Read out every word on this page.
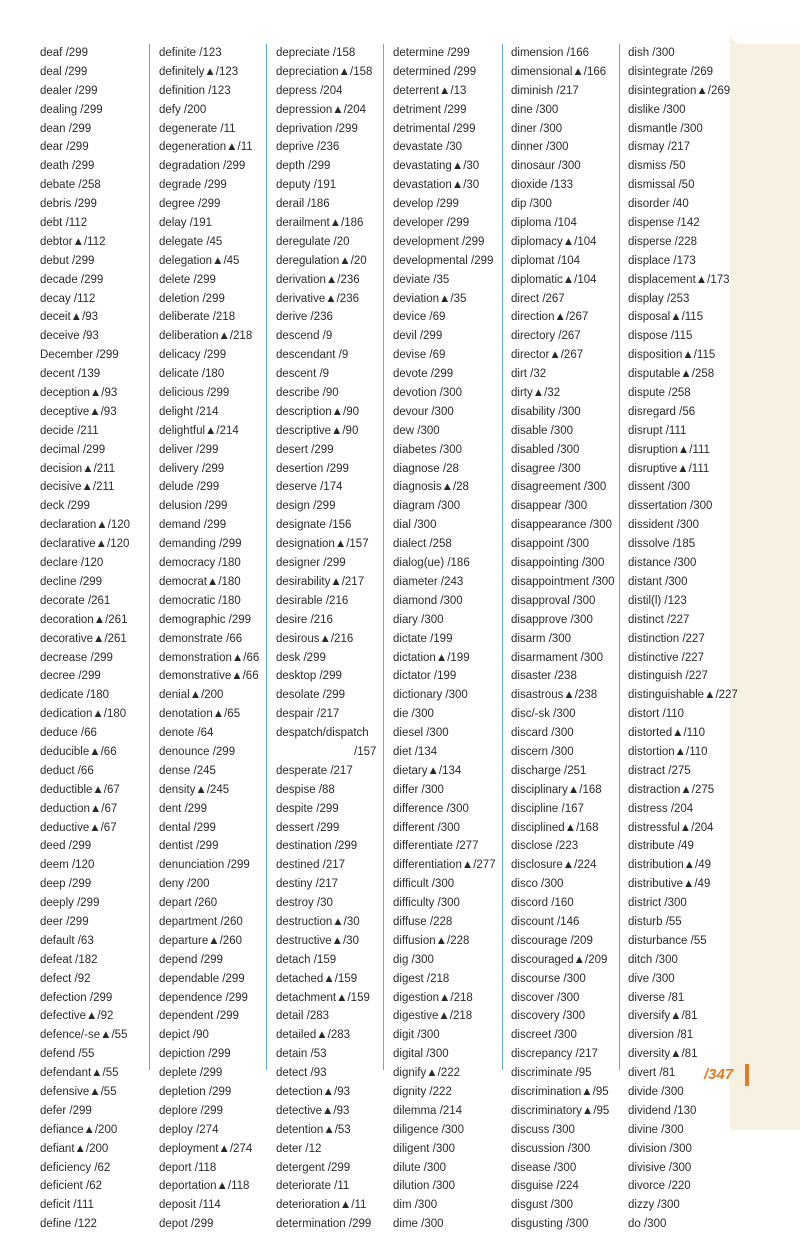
deaf /299
deal /299
dealer /299
dealing /299
dean /299
dear /299
death /299
debate /258
debris /299
debt /112
debtor▲/112
debut /299
decade /299
decay /112
deceit▲/93
deceive /93
December /299
decent /139
deception▲/93
deceptive▲/93
decide /211
decimal /299
decision▲/211
decisive▲/211
deck /299
declaration▲/120
declarative▲/120
declare /120
decline /299
decorate /261
decoration▲/261
decorative▲/261
decrease /299
decree /299
dedicate /180
dedication▲/180
deduce /66
deducible▲/66
deduct /66
deductible▲/67
deduction▲/67
deductive▲/67
deed /299
deem /120
deep /299
deeply /299
deer /299
default /63
defeat /182
defect /92
defection /299
defective▲/92
defence/-se▲/55
defend /55
defendant▲/55
defensive▲/55
defer /299
defiance▲/200
defiant▲/200
deficiency /62
deficient /62
deficit /111
define /122
definite /123
definitely▲/123
definition /123
defy /200
degenerate /11
degeneration▲/11
degradation /299
degrade /299
degree /299
delay /191
delegate /45
delegation▲/45
delete /299
deletion /299
deliberate /218
deliberation▲/218
delicacy /299
delicate /180
delicious /299
delight /214
delightful▲/214
deliver /299
delivery /299
delude /299
delusion /299
demand /299
demanding /299
democracy /180
democrat▲/180
democratic /180
demographic /299
demonstrate /66
demonstration▲/66
demonstrative▲/66
denial▲/200
denotation▲/65
denote /64
denounce /299
dense /245
density▲/245
dent /299
dental /299
dentist /299
denunciation /299
deny /200
depart /260
department /260
departure▲/260
depend /299
dependable /299
dependence /299
dependent /299
depict /90
depiction /299
deplete /299
depletion /299
deplore /299
deploy /274
deployment▲/274
deport /118
deportation▲/118
deposit /114
depot /299
depreciate /158
depreciation▲/158
depress /204
depression▲/204
deprivation /299
deprive /236
depth /299
deputy /191
derail /186
derailment▲/186
deregulate /20
deregulation▲/20
derivation▲/236
derivative▲/236
derive /236
descend /9
descendant /9
descent /9
describe /90
description▲/90
descriptive▲/90
desert /299
desertion /299
deserve /174
design /299
designate /156
designation▲/157
designer /299
desirability▲/217
desirable /216
desire /216
desirous▲/216
desk /299
desktop /299
desolate /299
despair /217
despatch/dispatch
/157
desperate /217
despise /88
despite /299
dessert /299
destination /299
destined /217
destiny /217
destroy /30
destruction▲/30
destructive▲/30
detach /159
detached▲/159
detachment▲/159
detail /283
detailed▲/283
detain /53
detect /93
detection▲/93
detective▲/93
detention▲/53
deter /12
detergent /299
deteriorate /11
deterioration▲/11
determination /299
determine /299
determined /299
deterrent▲/13
detriment /299
detrimental /299
devastate /30
devastating▲/30
devastation▲/30
develop /299
developer /299
development /299
developmental /299
deviate /35
deviation▲/35
device /69
devil /299
devise /69
devote /299
devotion /300
devour /300
dew /300
diabetes /300
diagnose /28
diagnosis▲/28
diagram /300
dial /300
dialect /258
dialog(ue) /186
diameter /243
diamond /300
diary /300
dictate /199
dictation▲/199
dictator /199
dictionary /300
die /300
diesel /300
diet /134
dietary▲/134
differ /300
difference /300
different /300
differentiate /277
differentiation▲/277
difficult /300
difficulty /300
diffuse /228
diffusion▲/228
dig /300
digest /218
digestion▲/218
digestive▲/218
digit /300
digital /300
dignify▲/222
dignity /222
dilemma /214
diligence /300
diligent /300
dilute /300
dilution /300
dim /300
dime /300
dimension /166
dimensional▲/166
diminish /217
dine /300
diner /300
dinner /300
dinosaur /300
dioxide /133
dip /300
diploma /104
diplomacy▲/104
diplomat /104
diplomatic▲/104
direct /267
direction▲/267
directory /267
director▲/267
dirt /32
dirty▲/32
disability /300
disable /300
disabled /300
disagree /300
disagreement /300
disappear /300
disappearance /300
disappoint /300
disappointing /300
disappointment /300
disapproval /300
disapprove /300
disarm /300
disarmament /300
disaster /238
disastrous▲/238
disc/-sk /300
discard /300
discern /300
discharge /251
disciplinary▲/168
discipline /167
disciplined▲/168
disclose /223
disclosure▲/224
disco /300
discord /160
discount /146
discourage /209
discouraged▲/209
discourse /300
discover /300
discovery /300
discreet /300
discrepancy /217
discriminate /95
discrimination▲/95
discriminatory▲/95
discuss /300
discussion /300
disease /300
disguise /224
disgust /300
disgusting /300
dish /300
disintegrate /269
disintegration▲/269
dislike /300
dismantle /300
dismay /217
dismiss /50
dismissal /50
disorder /40
dispense /142
disperse /228
displace /173
displacement▲/173
display /253
disposal▲/115
dispose /115
disposition▲/115
disputable▲/258
dispute /258
disregard /56
disrupt /111
disruption▲/111
disruptive▲/111
dissent /300
dissertation /300
dissident /300
dissolve /185
distance /300
distant /300
distil(l) /123
distinct /227
distinction /227
distinctive /227
distinguish /227
distinguishable▲/227
distort /110
distorted▲/110
distortion▲/110
distract /275
distraction▲/275
distress /204
distressful▲/204
distribute /49
distribution▲/49
distributive▲/49
district /300
disturb /55
disturbance /55
ditch /300
dive /300
diverse /81
diversify▲/81
diversion /81
diversity▲/81
divert /81
divide /300
dividend /130
divine /300
division /300
divisive /300
divorce /220
dizzy /300
do /300
/347
